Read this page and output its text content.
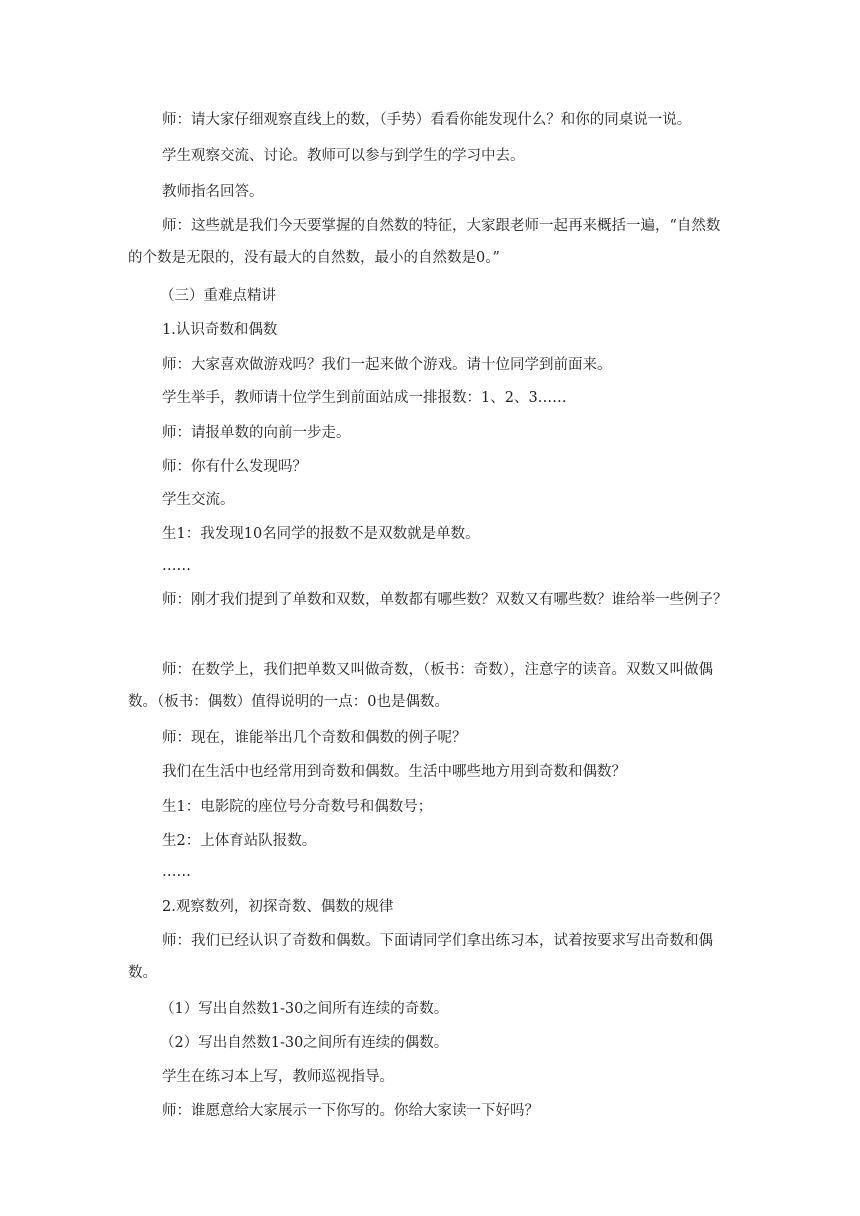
师：请大家仔细观察直线上的数，（手势）看看你能发现什么？和你的同桌说一说。
学生观察交流、讨论。教师可以参与到学生的学习中去。
教师指名回答。
师：这些就是我们今天要掌握的自然数的特征，大家跟老师一起再来概括一遍，“自然数的个数是无限的，没有最大的自然数，最小的自然数是0。”
（三）重难点精讲
1.认识奇数和偶数
师：大家喜欢做游戏吗？我们一起来做个游戏。请十位同学到前面来。
学生举手，教师请十位学生到前面站成一排报数：1、2、3……
师：请报单数的向前一步走。
师：你有什么发现吗？
学生交流。
生1：我发现10名同学的报数不是双数就是单数。
……
师：刚才我们提到了单数和双数，单数都有哪些数？双数又有哪些数？谁给举一些例子？
师：在数学上，我们把单数又叫做奇数，（板书：奇数），注意字的读音。双数又叫做偶数。（板书：偶数）值得说明的一点：0也是偶数。
师：现在，谁能举出几个奇数和偶数的例子呢？
我们在生活中也经常用到奇数和偶数。生活中哪些地方用到奇数和偶数？
生1：电影院的座位号分奇数号和偶数号；
生2：上体育站队报数。
……
2.观察数列，初探奇数、偶数的规律
师：我们已经认识了奇数和偶数。下面请同学们拿出练习本，试着按要求写出奇数和偶数。
（1）写出自然数1-30之间所有连续的奇数。
（2）写出自然数1-30之间所有连续的偶数。
学生在练习本上写，教师巡视指导。
师：谁愿意给大家展示一下你写的。你给大家读一下好吗？
